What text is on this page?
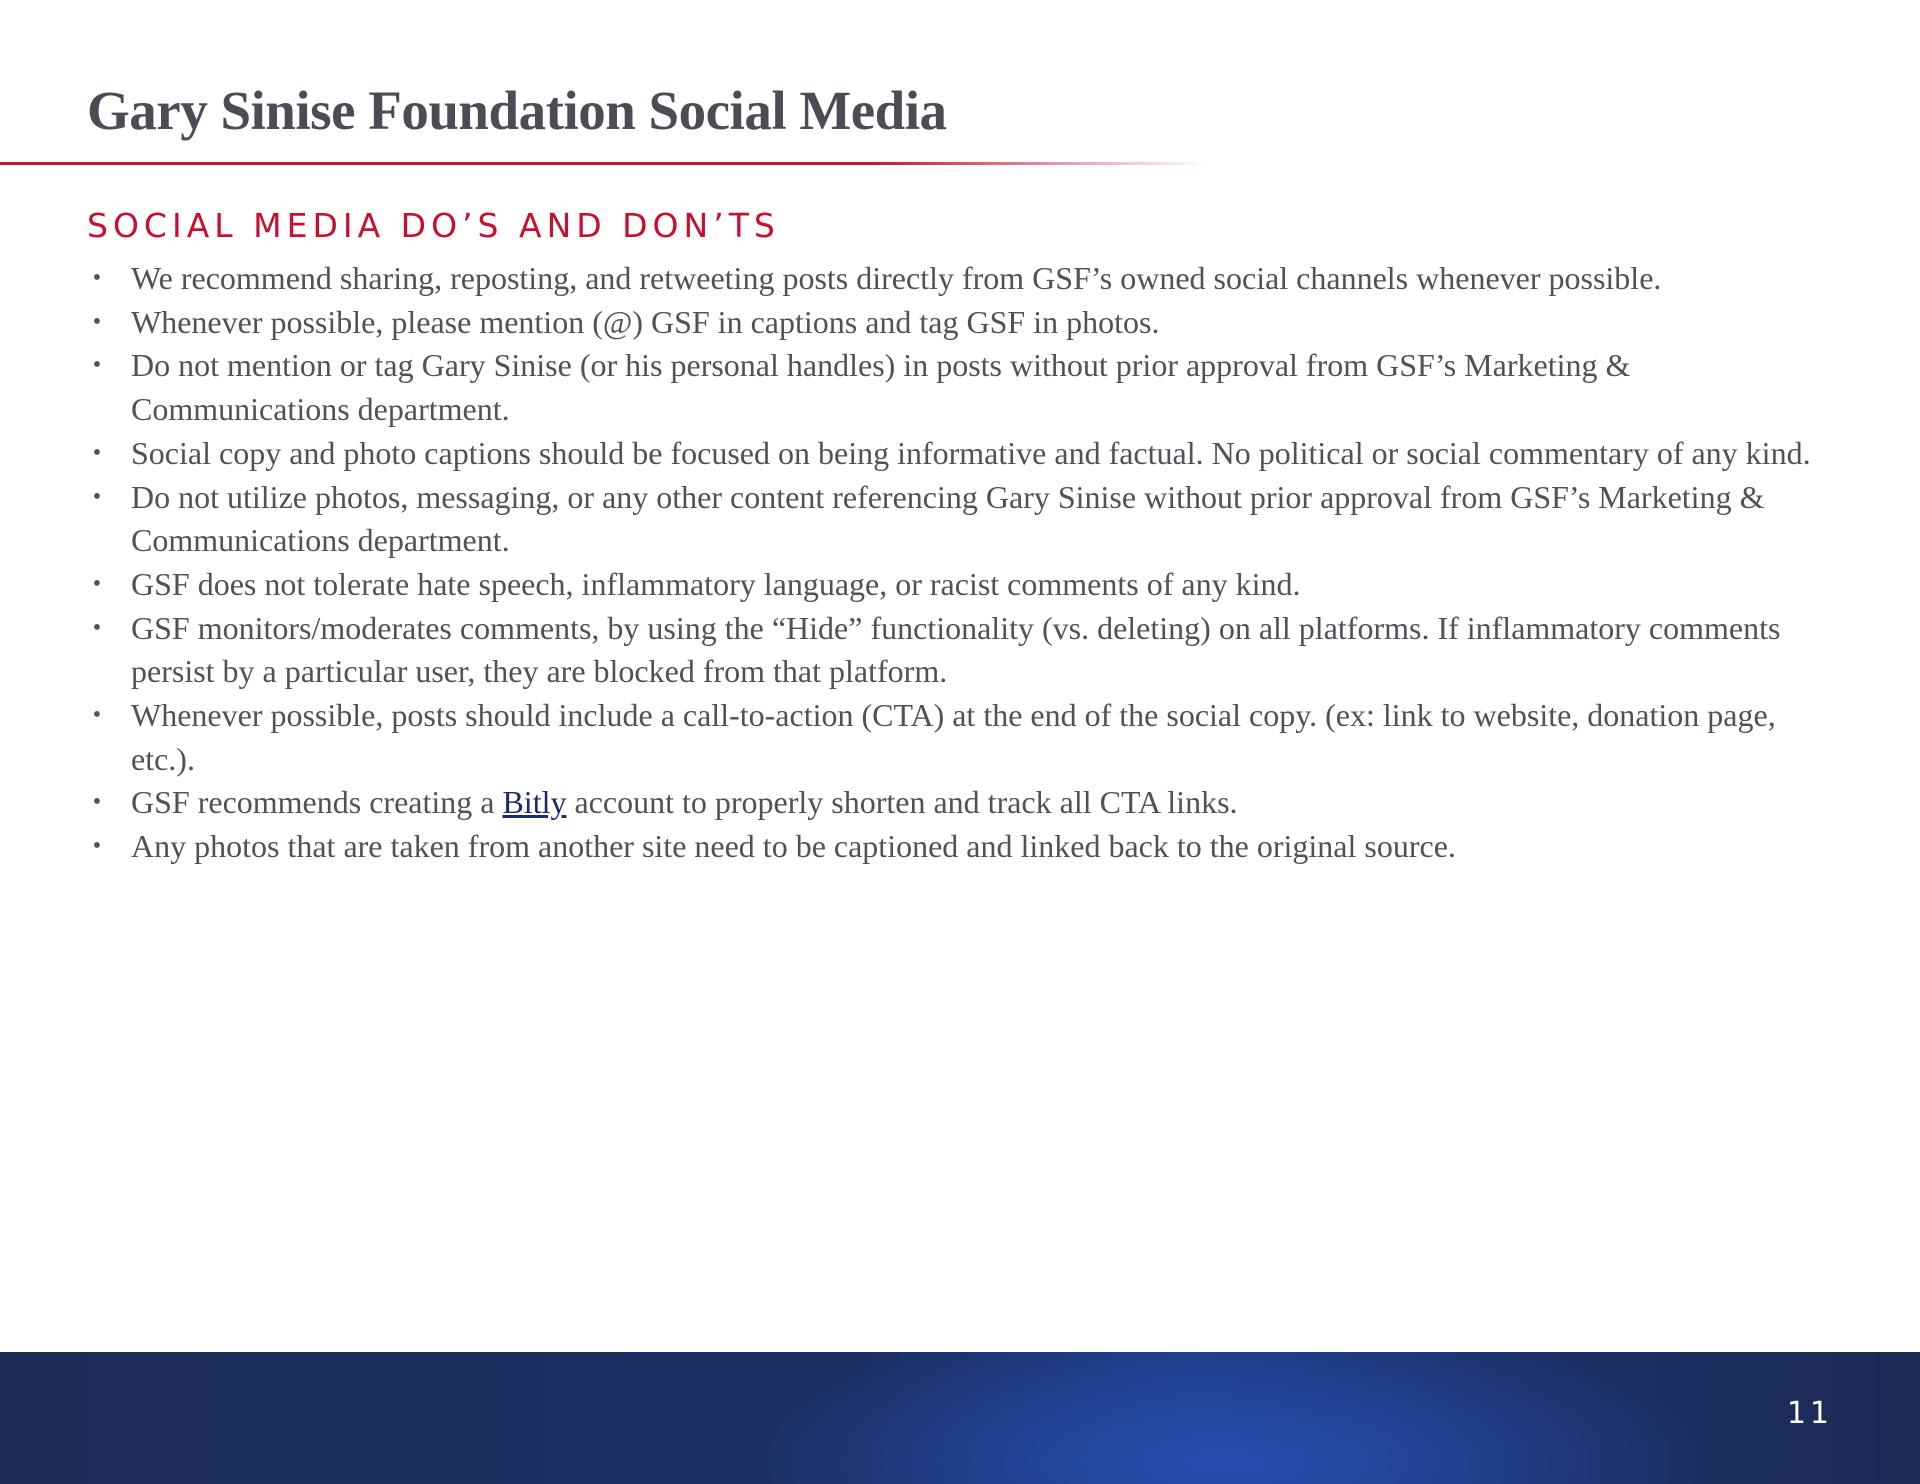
Gary Sinise Foundation Social Media
SOCIAL MEDIA DO’S AND DON’TS
• We recommend sharing, reposting, and retweeting posts directly from GSF’s owned social channels whenever possible.
• Whenever possible, please mention (@) GSF in captions and tag GSF in photos.
• Do not mention or tag Gary Sinise (or his personal handles) in posts without prior approval from GSF’s Marketing & Communications department.
• Social copy and photo captions should be focused on being informative and factual. No political or social commentary of any kind.
• Do not utilize photos, messaging, or any other content referencing Gary Sinise without prior approval from GSF’s Marketing & Communications department.
• GSF does not tolerate hate speech, inflammatory language, or racist comments of any kind.
• GSF monitors/moderates comments, by using the “Hide” functionality (vs. deleting) on all platforms. If inflammatory comments persist by a particular user, they are blocked from that platform.
• Whenever possible, posts should include a call-to-action (CTA) at the end of the social copy. (ex: link to website, donation page, etc.).
• GSF recommends creating a Bitly account to properly shorten and track all CTA links.
• Any photos that are taken from another site need to be captioned and linked back to the original source.
11
